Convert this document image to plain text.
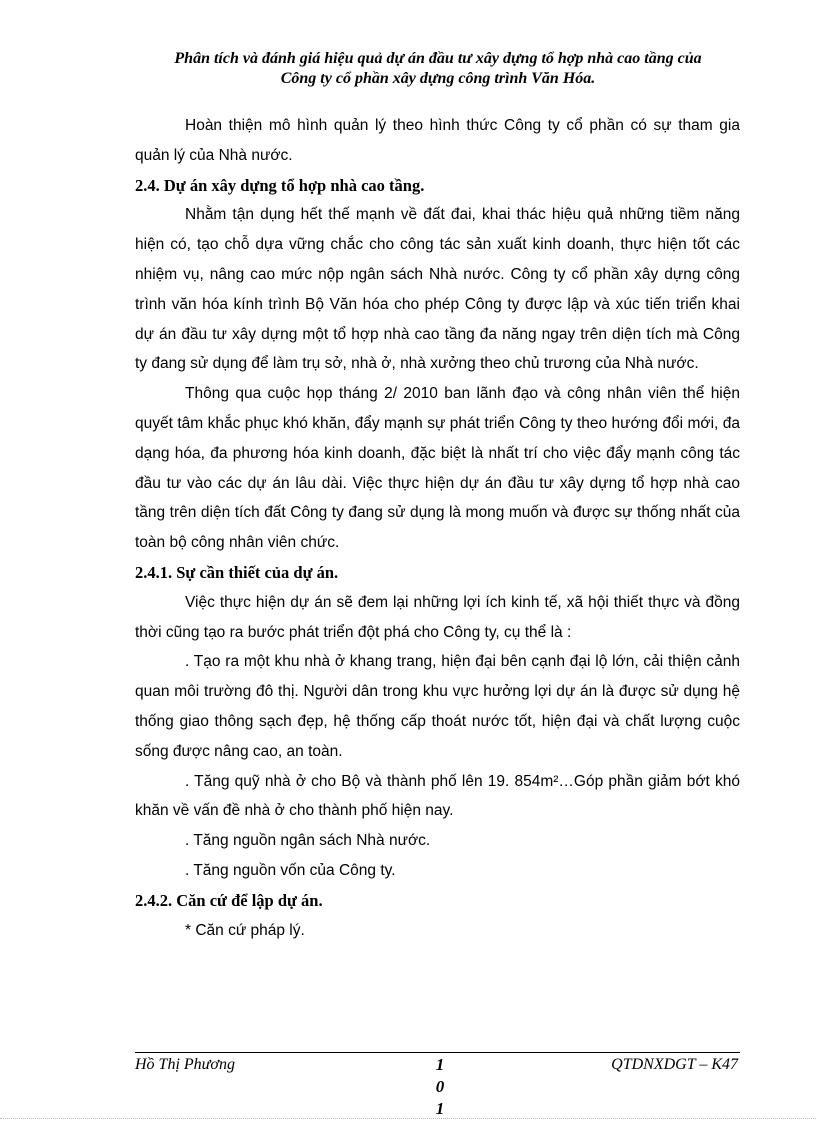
Phân tích và đánh giá hiệu quả dự án đầu tư xây dựng tổ hợp nhà cao tầng của
Công ty cổ phần xây dựng công trình Văn Hóa.

Hoàn thiện mô hình quản lý theo hình thức Công ty cổ phần có sự tham gia quản lý của Nhà nước.

2.4. Dự án xây dựng tổ hợp nhà cao tầng.

Nhằm tận dụng hết thế mạnh về đất đai, khai thác hiệu quả những tiềm năng hiện có, tạo chỗ dựa vững chắc cho công tác sản xuất kinh doanh, thực hiện tốt các nhiệm vụ, nâng cao mức nộp ngân sách Nhà nước. Công ty cổ phần xây dựng công trình văn hóa kính trình Bộ Văn hóa cho phép Công ty được lập và xúc tiến triển khai dự án đầu tư xây dựng một tổ hợp nhà cao tầng đa năng ngay trên diện tích mà Công ty đang sử dụng để làm trụ sở, nhà ở, nhà xưởng theo chủ trương của Nhà nước.

Thông qua cuộc họp tháng 2/ 2010 ban lãnh đạo và công nhân viên thể hiện quyết tâm khắc phục khó khăn, đẩy mạnh sự phát triển Công ty theo hướng đổi mới, đa dạng hóa, đa phương hóa kinh doanh, đặc biệt là nhất trí cho việc đẩy mạnh công tác đầu tư vào các dự án lâu dài. Việc thực hiện dự án đầu tư xây dựng tổ hợp nhà cao tầng trên diện tích đất Công ty đang sử dụng là mong muốn và được sự thống nhất của toàn bộ công nhân viên chức.

2.4.1. Sự cần thiết của dự án.

Việc thực hiện dự án sẽ đem lại những lợi ích kinh tế, xã hội thiết thực và đồng thời cũng tạo ra bước phát triển đột phá cho Công ty, cụ thể là :

. Tạo ra một khu nhà ở khang trang, hiện đại bên cạnh đại lộ lớn, cải thiện cảnh quan môi trường đô thị. Người dân trong khu vực hưởng lợi dự án là được sử dụng hệ thống giao thông sạch đẹp, hệ thống cấp thoát nước tốt, hiện đại và chất lượng cuộc sống được nâng cao, an toàn.

. Tăng quỹ nhà ở cho Bộ và thành phố lên 19. 854m²…Góp phần giảm bớt khó khăn về vấn đề nhà ở cho thành phố hiện nay.

. Tăng nguồn ngân sách Nhà nước.

. Tăng nguồn vốn của Công ty.

2.4.2. Căn cứ để lập dự án.

* Căn cứ pháp lý.

Hồ Thị Phương	1
0
1
QTDNXDGT – K47
